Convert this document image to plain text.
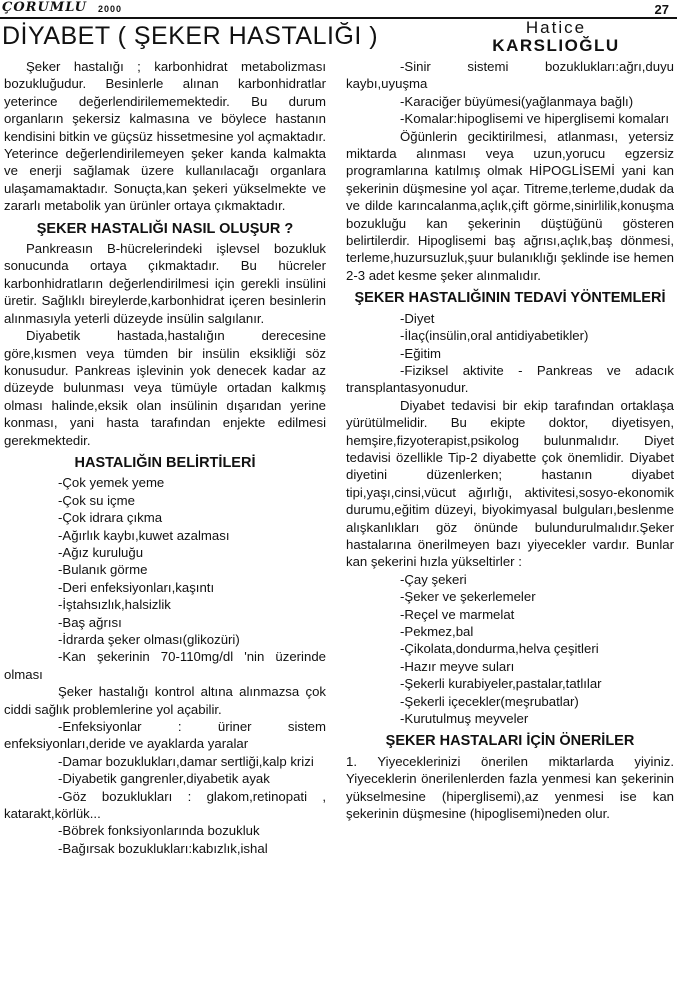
ÇORUMLU 2000	27
DİYABET ( ŞEKER HASTALIĞI )	Hatice
KARSLIOĞLU

Şeker hastalığı ; karbonhidrat metabolizması bozukluğudur. Besinlerle alınan karbonhidratlar yeterince değerlendirilememektedir. Bu durum organların şekersiz kalmasına ve böylece hastanın kendisini bitkin ve güçsüz hissetmesine yol açmaktadır. Yeterince değerlendirilemeyen şeker kanda kalmakta ve enerji sağlamak üzere kullanılacağı organlara ulaşamamaktadır. Sonuçta,kan şekeri yükselmekte ve zararlı metabolik yan ürünler ortaya çıkmaktadır.

ŞEKER HASTALIĞI NASIL OLUŞUR ?

Pankreasın B-hücrelerindeki işlevsel bozukluk sonucunda ortaya çıkmaktadır. Bu hücreler karbonhidratların değerlendirilmesi için gerekli insülini üretir. Sağlıklı bireylerde,karbonhidrat içeren besinlerin alınmasıyla yeterli düzeyde insülin salgılanır.

Diyabetik hastada,hastalığın derecesine göre,kısmen veya tümden bir insülin eksikliği söz konusudur. Pankreas işlevinin yok denecek kadar az düzeyde bulunması veya tümüyle ortadan kalkmış olması halinde,eksik olan insülinin dışarıdan yerine konması, yani hasta tarafından enjekte edilmesi gerekmektedir.

HASTALIĞIN BELİRTİLERİ
-Çok yemek yeme
-Çok su içme
-Çok idrara çıkma
-Ağırlık kaybı,kuwet azalması
-Ağız kuruluğu
-Bulanık görme
-Deri enfeksiyonları,kaşıntı
-İştahsızlık,halsizlik
-Baş ağrısı
-İdrarda şeker olması(glikozüri)

-Kan şekerinin 70-110mg/dl 'nin üzerinde olması

Şeker hastalığı kontrol altına alınmazsa çok ciddi sağlık problemlerine yol açabilir.

-Enfeksiyonlar : üriner sistem enfeksiyonları,deride ve ayaklarda yaralar

-Damar bozuklukları,damar sertliği,kalp krizi

-Diyabetik gangrenler,diyabetik ayak

-Göz bozuklukları : glakom,retinopati , katarakt,körlük...

-Böbrek fonksiyonlarında bozukluk
-Bağırsak bozuklukları:kabızlık,ishal

-Sinir sistemi bozuklukları:ağrı,duyu kaybı,uyuşma

-Karaciğer büyümesi(yağlanmaya bağlı)

-Komalar:hipoglisemi ve hiperglisemi komaları

Öğünlerin geciktirilmesi, atlanması, yetersiz miktarda alınması veya uzun,yorucu egzersiz programlarına katılmış olmak HİPOGLİSEMİ yani kan şekerinin düşmesine yol açar. Titreme,terleme,dudak da ve dilde karıncalanma,açlık,çift görme,sinirlilik,konuşma bozukluğu kan şekerinin düştüğünü gösteren belirtilerdir. Hipoglisemi baş ağrısı,açlık,baş dönmesi, terleme,huzursuzluk,şuur bulanıklığı şeklinde ise hemen 2-3 adet kesme şeker alınmalıdır.

ŞEKER HASTALIĞININ TEDAVİ YÖNTEMLERİ
-Diyet
-İlaç(insülin,oral antidiyabetikler)
-Eğitim

-Fiziksel aktivite - Pankreas ve adacık transplantasyonudur.

Diyabet tedavisi bir ekip tarafından ortaklaşa yürütülmelidir. Bu ekipte doktor, diyetisyen, hemşire,fizyoterapist,psikolog bulunmalıdır. Diyet tedavisi özellikle Tip-2 diyabette çok önemlidir. Diyabet diyetini düzenlerken; hastanın diyabet tipi,yaşı,cinsi,vücut ağırlığı, aktivitesi,sosyo-ekonomik durumu,eğitim düzeyi, biyokimyasal bulguları,beslenme alışkanlıkları göz önünde bulundurulmalıdır.Şeker hastalarına önerilmeyen bazı yiyecekler vardır. Bunlar kan şekerini hızla yükseltirler :

-Çay şekeri
-Şeker ve şekerlemeler
-Reçel ve marmelat
-Pekmez,bal
-Çikolata,dondurma,helva çeşitleri
-Hazır meyve suları
-Şekerli kurabiyeler,pastalar,tatlılar
-Şekerli içecekler(meşrubatlar)
-Kurutulmuş meyveler
ŞEKER HASTALARI İÇİN ÖNERİLER

1. Yiyeceklerinizi önerilen miktarlarda yiyiniz. Yiyeceklerin önerilenlerden fazla yenmesi kan şekerinin yükselmesine (hiperglisemi),az yenmesi ise kan şekerinin düşmesine (hipoglisemi)neden olur.
